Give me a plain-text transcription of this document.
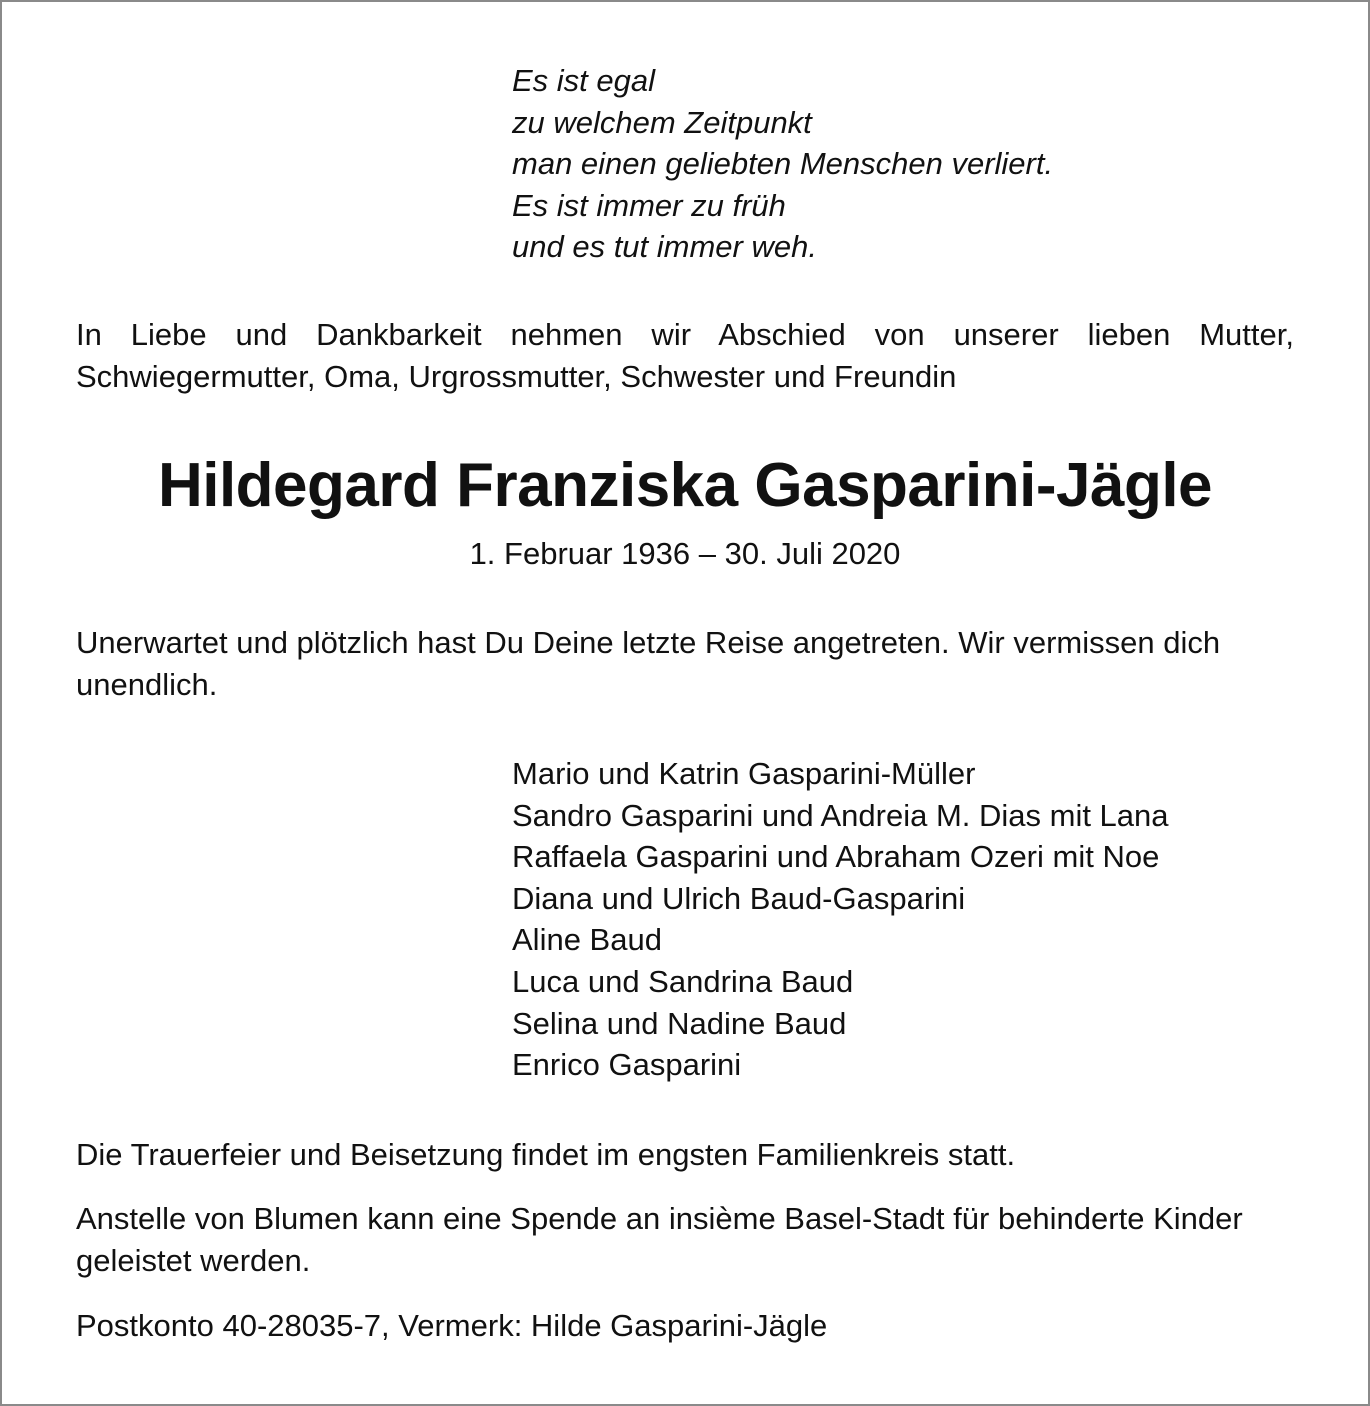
Es ist egal
zu welchem Zeitpunkt
man einen geliebten Menschen verliert.
Es ist immer zu früh
und es tut immer weh.

In Liebe und Dankbarkeit nehmen wir Abschied von unserer lieben Mutter, Schwiegermutter, Oma, Urgrossmutter, Schwester und Freundin

Hildegard Franziska Gasparini-Jägle

1. Februar 1936 – 30. Juli 2020

Unerwartet und plötzlich hast Du Deine letzte Reise angetreten. Wir vermissen dich unendlich.

Mario und Katrin Gasparini-Müller
Sandro Gasparini und Andreia M. Dias mit Lana
Raffaela Gasparini und Abraham Ozeri mit Noe
Diana und Ulrich Baud-Gasparini
Aline Baud
Luca und Sandrina Baud
Selina und Nadine Baud
Enrico Gasparini

Die Trauerfeier und Beisetzung findet im engsten Familienkreis statt.

Anstelle von Blumen kann eine Spende an insième Basel-Stadt für behinderte Kinder geleistet werden.

Postkonto 40-28035-7, Vermerk: Hilde Gasparini-Jägle
